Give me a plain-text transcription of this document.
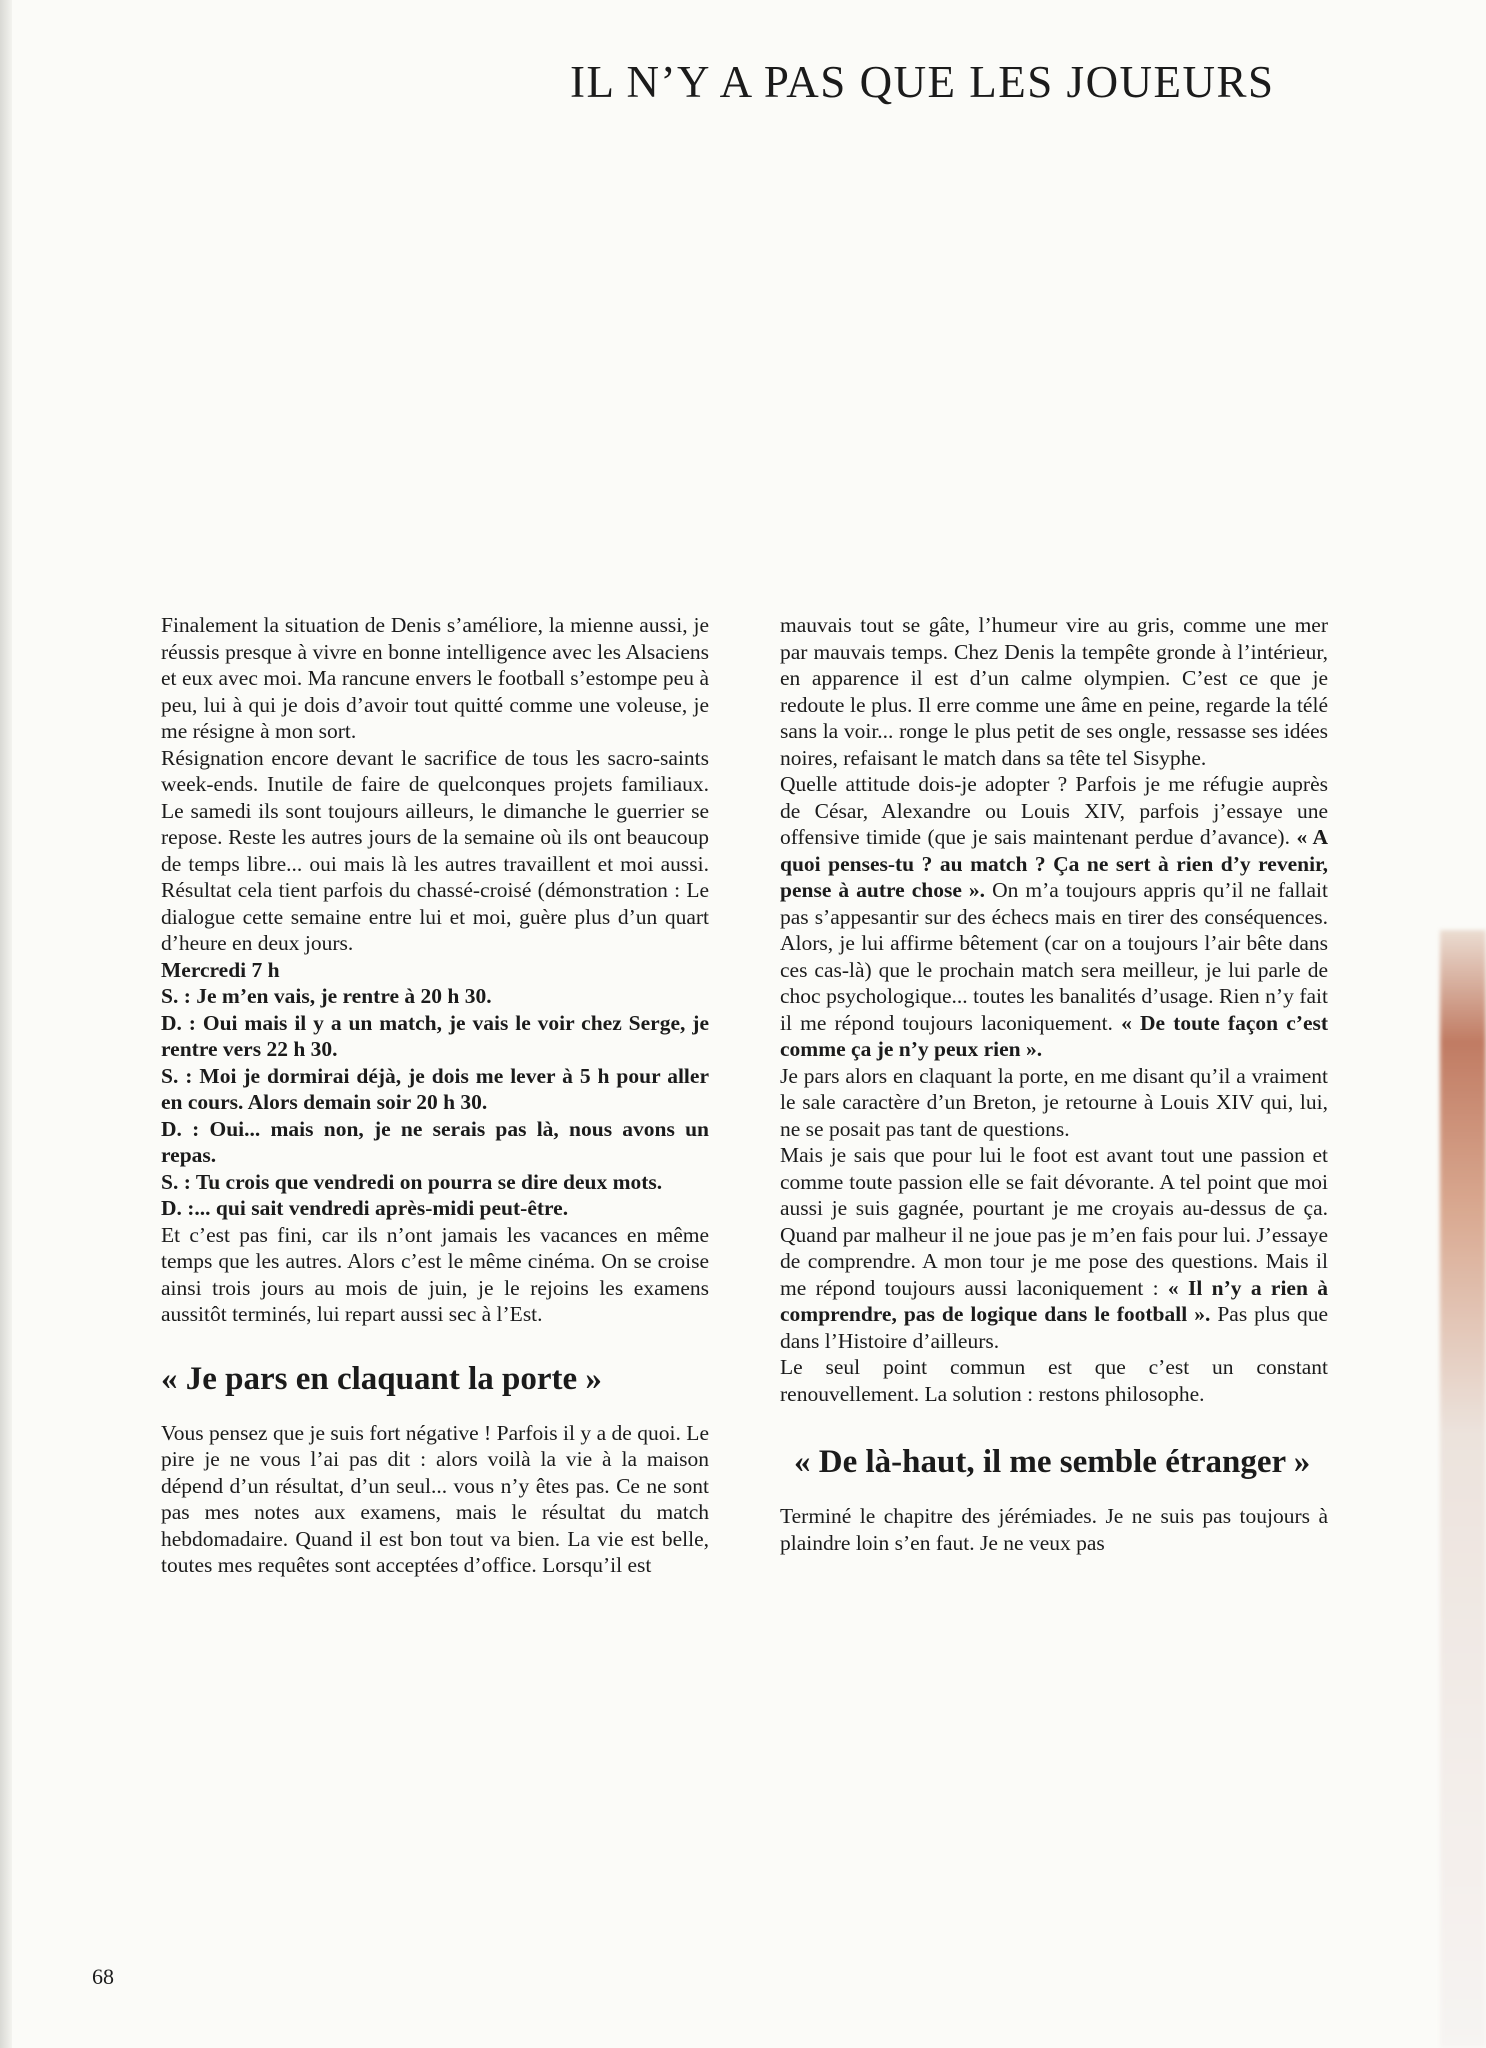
IL N’Y A PAS QUE LES JOUEURS

Finalement la situation de Denis s’améliore, la mienne aussi, je réussis presque à vivre en bonne intelligence avec les Alsaciens et eux avec moi. Ma rancune envers le football s’estompe peu à peu, lui à qui je dois d’avoir tout quitté comme une voleuse, je me résigne à mon sort.

Résignation encore devant le sacrifice de tous les sacro-saints week-ends. Inutile de faire de quelconques projets familiaux. Le samedi ils sont toujours ailleurs, le dimanche le guerrier se repose. Reste les autres jours de la semaine où ils ont beaucoup de temps libre... oui mais là les autres travaillent et moi aussi. Résultat cela tient parfois du chassé-croisé (démonstration : Le dialogue cette semaine entre lui et moi, guère plus d’un quart d’heure en deux jours.

Mercredi 7 h

S. : Je m’en vais, je rentre à 20 h 30.

D. : Oui mais il y a un match, je vais le voir chez Serge, je rentre vers 22 h 30.

S. : Moi je dormirai déjà, je dois me lever à 5 h pour aller en cours. Alors demain soir 20 h 30.

D. : Oui... mais non, je ne serais pas là, nous avons un repas.

S. : Tu crois que vendredi on pourra se dire deux mots.

D. :... qui sait vendredi après-midi peut-être.

Et c’est pas fini, car ils n’ont jamais les vacances en même temps que les autres. Alors c’est le même cinéma. On se croise ainsi trois jours au mois de juin, je le rejoins les examens aussitôt terminés, lui repart aussi sec à l’Est.

« Je pars en claquant la porte »

Vous pensez que je suis fort négative ! Parfois il y a de quoi. Le pire je ne vous l’ai pas dit : alors voilà la vie à la maison dépend d’un résultat, d’un seul... vous n’y êtes pas. Ce ne sont pas mes notes aux examens, mais le résultat du match hebdomadaire. Quand il est bon tout va bien. La vie est belle, toutes mes requêtes sont acceptées d’office. Lorsqu’il est

mauvais tout se gâte, l’humeur vire au gris, comme une mer par mauvais temps. Chez Denis la tempête gronde à l’intérieur, en apparence il est d’un calme olympien. C’est ce que je redoute le plus. Il erre comme une âme en peine, regarde la télé sans la voir... ronge le plus petit de ses ongle, ressasse ses idées noires, refaisant le match dans sa tête tel Sisyphe.

Quelle attitude dois-je adopter ? Parfois je me réfugie auprès de César, Alexandre ou Louis XIV, parfois j’essaye une offensive timide (que je sais maintenant perdue d’avance). « A quoi penses-tu ? au match ? Ça ne sert à rien d’y revenir, pense à autre chose ». On m’a toujours appris qu’il ne fallait pas s’appesantir sur des échecs mais en tirer des conséquences. Alors, je lui affirme bêtement (car on a toujours l’air bête dans ces cas-là) que le prochain match sera meilleur, je lui parle de choc psychologique... toutes les banalités d’usage. Rien n’y fait il me répond toujours laconiquement. « De toute façon c’est comme ça je n’y peux rien ».

Je pars alors en claquant la porte, en me disant qu’il a vraiment le sale caractère d’un Breton, je retourne à Louis XIV qui, lui, ne se posait pas tant de questions.

Mais je sais que pour lui le foot est avant tout une passion et comme toute passion elle se fait dévorante. A tel point que moi aussi je suis gagnée, pourtant je me croyais au-dessus de ça. Quand par malheur il ne joue pas je m’en fais pour lui. J’essaye de comprendre. A mon tour je me pose des questions. Mais il me répond toujours aussi laconiquement : « Il n’y a rien à comprendre, pas de logique dans le football ». Pas plus que dans l’Histoire d’ailleurs.

Le seul point commun est que c’est un constant renouvellement. La solution : restons philosophe.

« De là-haut, il me semble étranger »

Terminé le chapitre des jérémiades. Je ne suis pas toujours à plaindre loin s’en faut. Je ne veux pas

68
